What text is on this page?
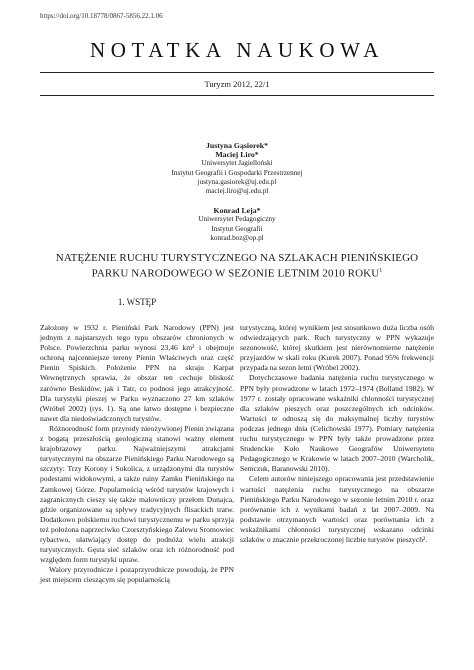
https://doi.org/10.18778/0867-5856.22.1.06
NOTATKA NAUKOWA
Turyzm 2012, 22/1
Justyna Gąsiorek*
Maciej Liro*
Uniwersytet Jagielloński
Instytut Geografii i Gospodarki Przestrzennej
justyna.gasiorek@uj.edu.pl
maciej.liro@uj.edu.pl
Konrad Leja*
Uniwersytet Pedagogiczny
Instytut Geografii
konrad.boz@op.pl
NATĘŻENIE RUCHU TURYSTYCZNEGO NA SZLAKACH PIENIŃSKIEGO
PARKU NARODOWEGO W SEZONIE LETNIM 2010 ROKU$^1$
1. WSTĘP

Założony w 1932 r. Pieniński Park Narodowy (PPN) jest jednym z najstarszych tego typu obszarów chronionych w Polsce. Powierzchnia parku wynosi 23,46 km² i obejmuje ochroną najcenniejsze tereny Pienin Właściwych oraz część Pienin Spiskich. Położenie PPN na skraju Karpat Wewnętrznych sprawia, że obszar ten cechuje bliskość zarówno Beskidów, jak i Tatr, co podnosi jego atrakcyjność. Dla turystyki pieszej w Parku wyznaczono 27 km szlaków (Wróbel 2002) (rys. 1). Są one łatwo dostępne i bezpieczne nawet dla niedoświadczonych turystów.

Różnorodność form przyrody nieożywionej Pienin związana z bogatą przeszłością geologiczną stanowi ważny element krajobrazowy parku. Najważniejszymi atrakcjami turystycznymi na obszarze Pienińskiego Parku Narodowego są szczyty: Trzy Korony i Sokolica, z urządzonymi dla turystów podestami widokowymi, a także ruiny Zamku Pienińskiego na Zamkowej Górze. Popularnością wśród turystów krajowych i zagranicznych cieszy się także malowniczy przełom Dunajca, gdzie organizowane są spływy tradycyjnych flisackich tratw. Dodatkowo polskiemu ruchowi turystycznemu w parku sprzyja też położona naprzeciwko Czorsztyńskiego Zalewu Sromowiec rybactwo, ułatwiający dostęp do podnóża wielu atrakcji turystycznych. Gęsta sieć szlaków oraz ich różnorodność pod względem form turystyki upraw.

Walory przyrodnicze i pozaprzyrodnicze powodują, że PPN jest miejscem cieszącym się popularnością

turystyczną, której wynikiem jest stosunkowo duża liczba osób odwiedzających park. Ruch turystyczny w PPN wykazuje sezonowość, której skutkiem jest nierównomierne natężenie przyjazdów w skali roku (Kurek 2007). Ponad 95% frekwencji przypada na sezon letni (Wróbel 2002).

Dotychczasowe badania natężenia ruchu turystycznego w PPN były prowadzone w latach 1972–1974 (Bolland 1982). W 1977 r. zostały opracowane wskaźniki chłonności turystycznej dla szlaków pieszych oraz poszczególnych ich odcinków. Wartości te odnoszą się do maksymalnej liczby turystów podczas jednego dnia (Celichowski 1977). Pomiary natężenia ruchu turystycznego w PPN były także prowadzone przez Studenckie Koło Naukowe Geografów Uniwersytetu Pedagogicznego w Krakowie w latach 2007–2010 (Warcholik, Semczuk, Baranowski 2010).

Celem autorów niniejszego opracowania jest przedstawienie wartości natężenia ruchu turystycznego na obszarze Pienińskiego Parku Narodowego w sezonie letnim 2010 r. oraz porównanie ich z wynikami badań z lat 2007–2009. Na podstawie otrzymanych wartości oraz porównania ich z wskaźnikami chłonności turystycznej wskazano odcinki szlaków o znacznie przekroczonej liczbie turystów pieszych².
